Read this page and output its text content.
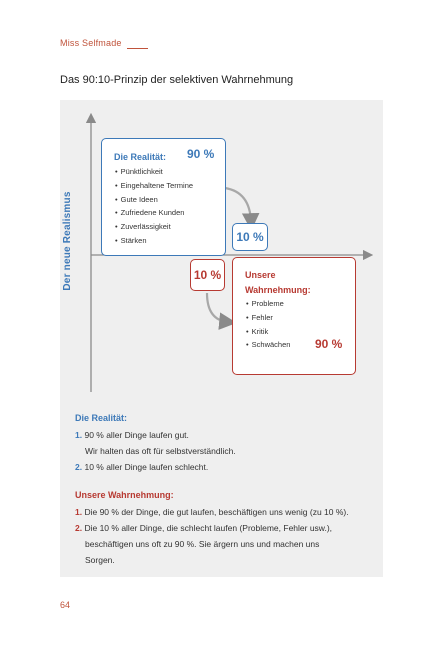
Miss Selfmade
Das 90:10-Prinzip der selektiven Wahrnehmung
Der neue Realismus
Die Realität: 90 %
• Pünktlichkeit
• Eingehaltene Termine
• Gute Ideen
• Zufriedene Kunden
• Zuverlässigkeit
• Stärken	10 %
10 %	Unsere
Wahrnehmung:
• Probleme
• Fehler
• Kritik
• Schwächen 90 %
Die Realität:
1. 90 % aller Dinge laufen gut.
Wir halten das oft für selbstverständlich.
2. 10 % aller Dinge laufen schlecht.
Unsere Wahrnehmung:
1. Die 90 % der Dinge, die gut laufen, beschäftigen uns wenig (zu 10 %).
2. Die 10 % aller Dinge, die schlecht laufen (Probleme, Fehler usw.),
beschäftigen uns oft zu 90 %. Sie ärgern uns und machen uns
Sorgen.
64
